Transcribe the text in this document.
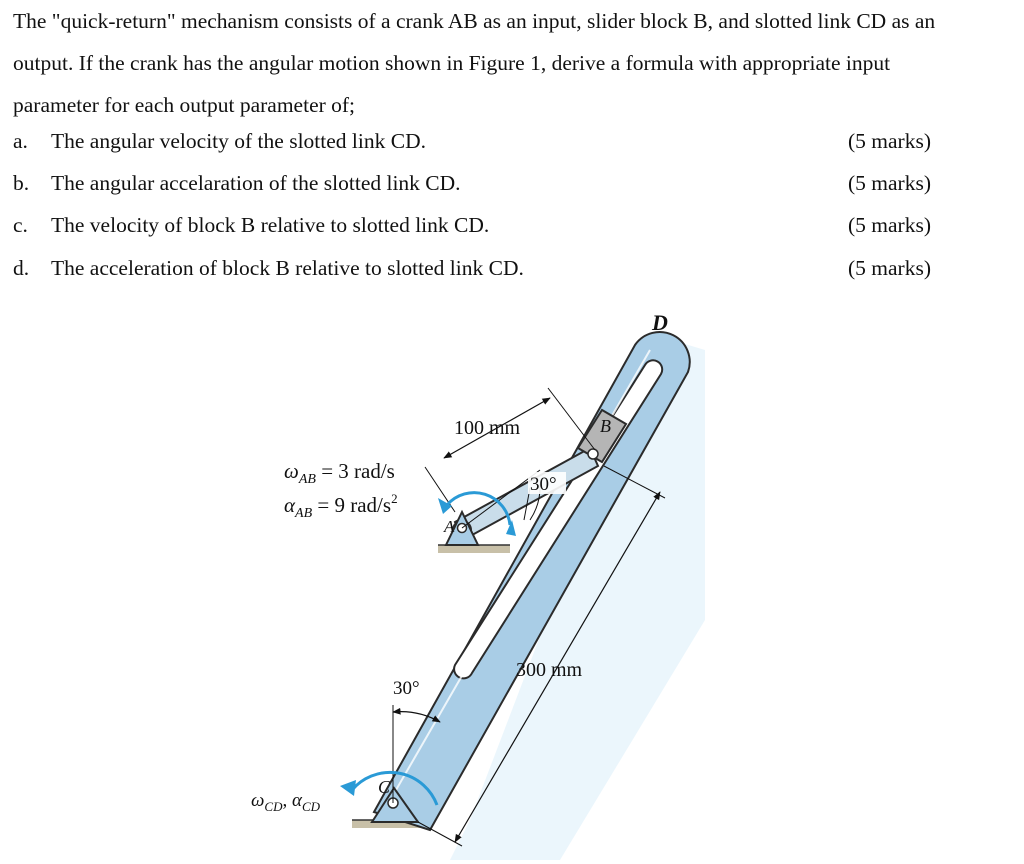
The "quick-return" mechanism consists of a crank AB as an input, slider block B, and slotted link CD as an output. If the crank has the angular motion shown in Figure 1, derive a formula with appropriate input parameter for each output parameter of;
a. The angular velocity of the slotted link CD.	(5 marks)
b. The angular accelaration of the slotted link CD.	(5 marks)
c. The velocity of block B relative to slotted link CD.	(5 marks)
d. The acceleration of block B relative to slotted link CD.	(5 marks)
D
B
A
C
100 mm
300 mm
30°
30°
$\omega_{AB} = 3$ rad/s
$\alpha_{AB} = 9$ rad/$s^2$
$\omega_{CD}$, $\alpha_{CD}$
